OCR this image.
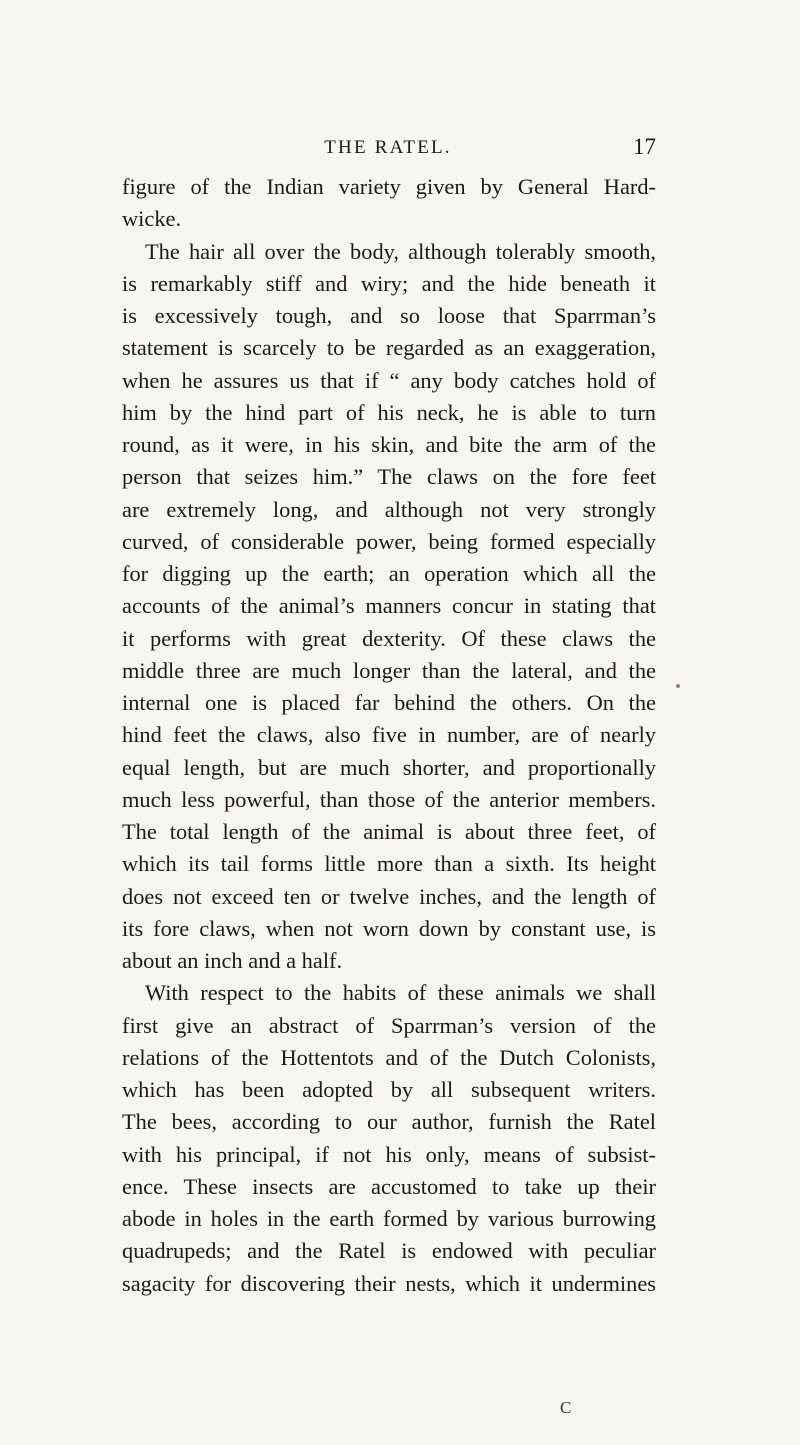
THE RATEL.	17
figure of the Indian variety given by General Hard-
wicke.
The hair all over the body, although tolerably smooth,
is remarkably stiff and wiry; and the hide beneath it
is excessively tough, and so loose that Sparrman’s
statement is scarcely to be regarded as an exaggeration,
when he assures us that if “ any body catches hold of
him by the hind part of his neck, he is able to turn
round, as it were, in his skin, and bite the arm of the
person that seizes him.” The claws on the fore feet
are extremely long, and although not very strongly
curved, of considerable power, being formed especially
for digging up the earth; an operation which all the
accounts of the animal’s manners concur in stating that
it performs with great dexterity. Of these claws the
middle three are much longer than the lateral, and the
internal one is placed far behind the others. On the
hind feet the claws, also five in number, are of nearly
equal length, but are much shorter, and proportionally
much less powerful, than those of the anterior members.
The total length of the animal is about three feet, of
which its tail forms little more than a sixth. Its height
does not exceed ten or twelve inches, and the length of
its fore claws, when not worn down by constant use, is
about an inch and a half.
With respect to the habits of these animals we shall
first give an abstract of Sparrman’s version of the
relations of the Hottentots and of the Dutch Colonists,
which has been adopted by all subsequent writers.
The bees, according to our author, furnish the Ratel
with his principal, if not his only, means of subsist-
ence. These insects are accustomed to take up their
abode in holes in the earth formed by various burrowing
quadrupeds; and the Ratel is endowed with peculiar
sagacity for discovering their nests, which it undermines
C
